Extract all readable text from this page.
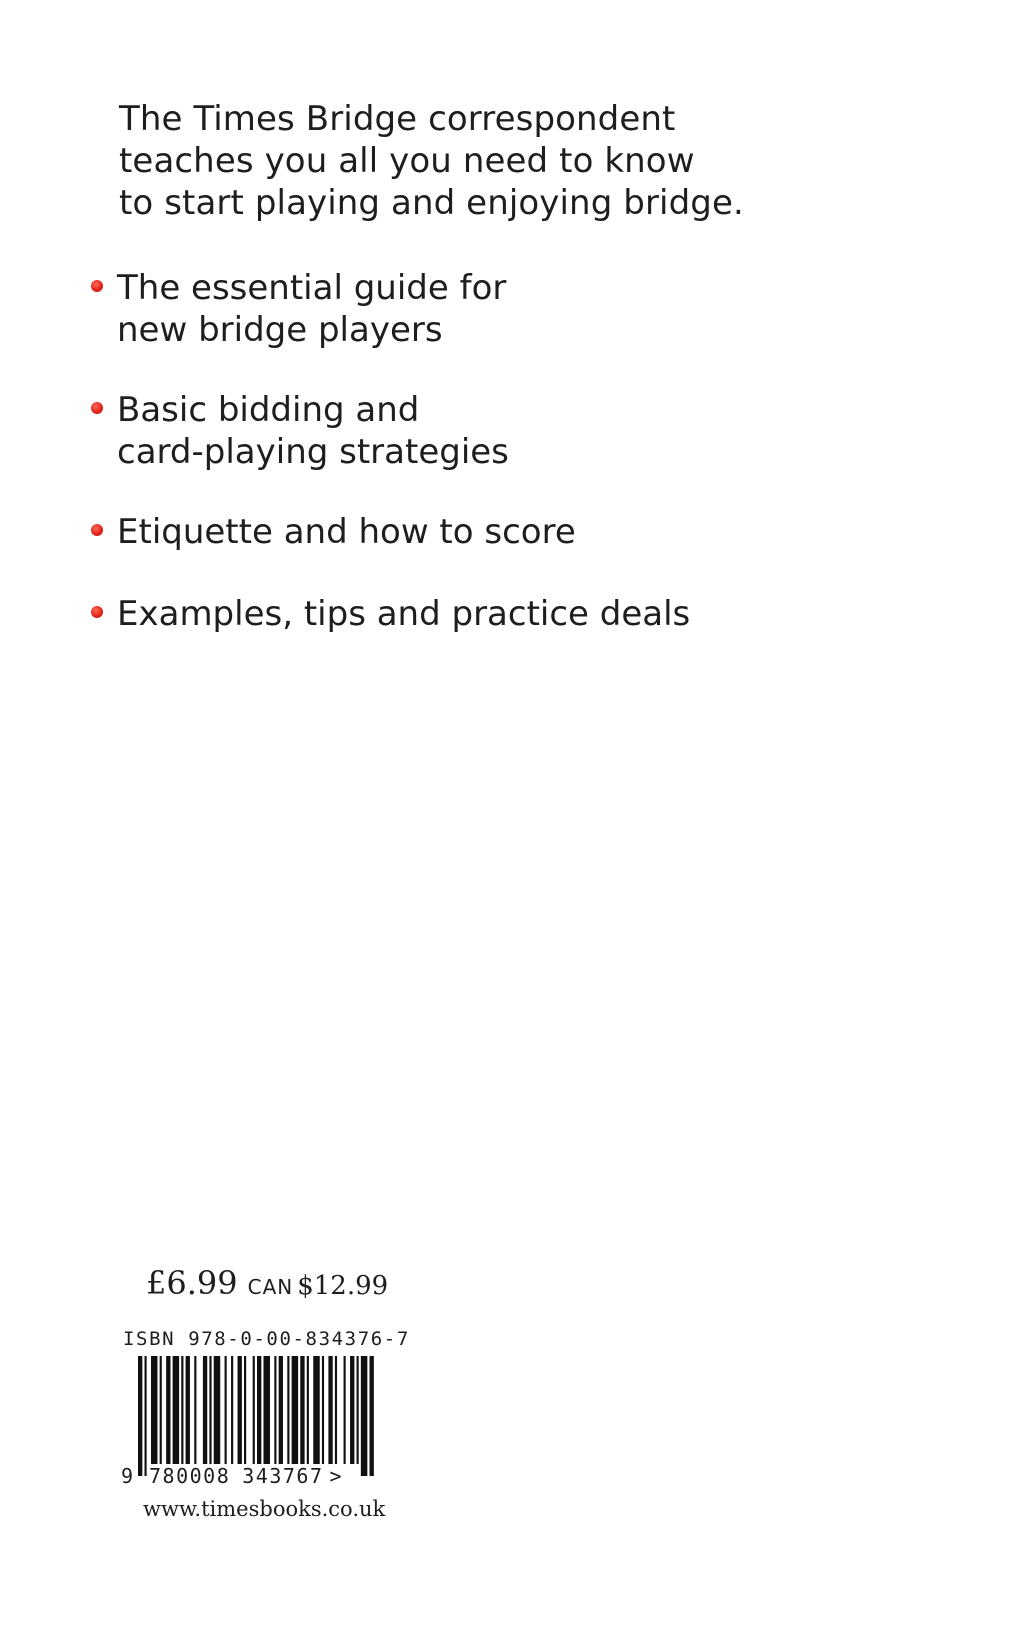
The Times Bridge correspondent
teaches you all you need to know
to start playing and enjoying bridge.
The essential guide for
new bridge players
Basic bidding and
card-playing strategies
Etiquette and how to score
Examples, tips and practice deals
£6.99 CAN $12.99
ISBN 978-0-00-834376-7
9 780008 343767 >
www.timesbooks.co.uk
